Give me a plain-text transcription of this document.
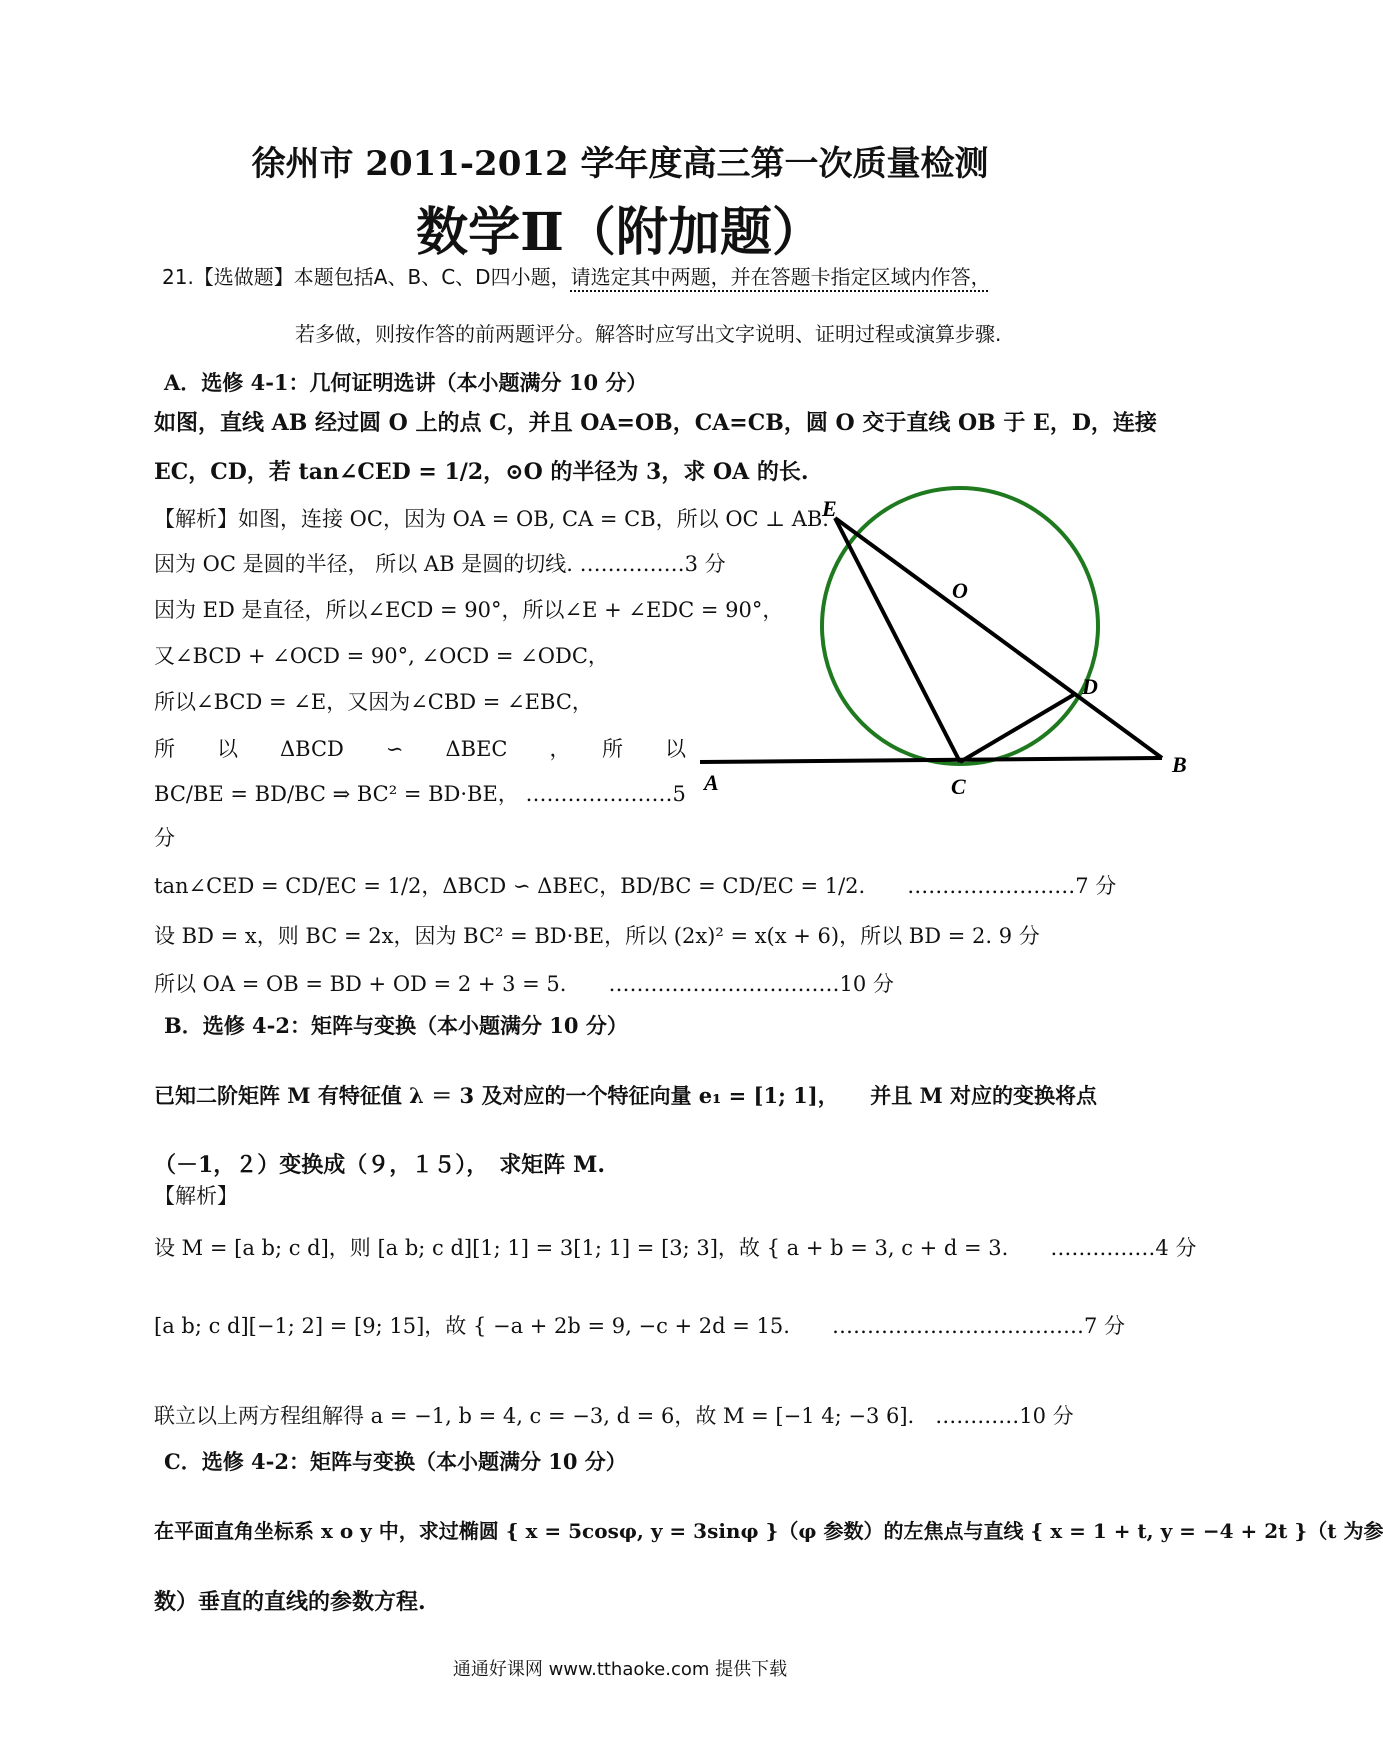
徐州市 2011-2012 学年度高三第一次质量检测
数学Ⅱ（附加题）
21.【选做题】本题包括A、B、C、D四小题，请选定其中两题，并在答题卡指定区域内作答，
若多做，则按作答的前两题评分。解答时应写出文字说明、证明过程或演算步骤.
A．选修 4-1：几何证明选讲（本小题满分 10 分）
如图，直线 AB 经过圆 O 上的点 C，并且 OA=OB，CA=CB，圆 O 交于直线 OB 于 E，D，连接
EC，CD，若 tan∠CED = 1/2，⊙O 的半径为 3，求 OA 的长.
【解析】如图，连接 OC，因为 OA = OB, CA = CB，所以 OC ⊥ AB.
因为 OC 是圆的半径， 所以 AB 是圆的切线. ……………3 分
因为 ED 是直径，所以∠ECD = 90°，所以∠E + ∠EDC = 90°，
又∠BCD + ∠OCD = 90°, ∠OCD = ∠ODC，
所以∠BCD = ∠E，又因为∠CBD = ∠EBC，
所　　以　　ΔBCD　　∽　　ΔBEC　　，　　所　　以
BC/BE = BD/BC ⇒ BC² = BD·BE， …………………5
分
tan∠CED = CD/EC = 1/2，ΔBCD ∽ ΔBEC，BD/BC = CD/EC = 1/2.　　……………………7 分
设 BD = x，则 BC = 2x，因为 BC² = BD·BE，所以 (2x)² = x(x + 6)，所以 BD = 2. 9 分
所以 OA = OB = BD + OD = 2 + 3 = 5.　　……………………………10 分
E
O
D
A	C
B
B．选修 4-2：矩阵与变换（本小题满分 10 分）
已知二阶矩阵 M 有特征值 λ ＝ 3 及对应的一个特征向量 e₁ = [1; 1]，　　并且 M 对应的变换将点
（－1，２）变换成（９，１５），　求矩阵 M.
【解析】
设 M = [a b; c d]，则 [a b; c d][1; 1] = 3[1; 1] = [3; 3]，故 { a + b = 3, c + d = 3.　　……………4 分
[a b; c d][−1; 2] = [9; 15]，故 { −a + 2b = 9, −c + 2d = 15.　　………………………………7 分
联立以上两方程组解得 a = −1, b = 4, c = −3, d = 6，故 M = [−1 4; −3 6].　…………10 分
C．选修 4-2：矩阵与变换（本小题满分 10 分）
在平面直角坐标系 x o y 中，求过椭圆 { x = 5cosφ, y = 3sinφ }（φ 参数）的左焦点与直线 { x = 1 + t, y = −4 + 2t }（t 为参
数）垂直的直线的参数方程.
通通好课网 www.tthaoke.com 提供下载
